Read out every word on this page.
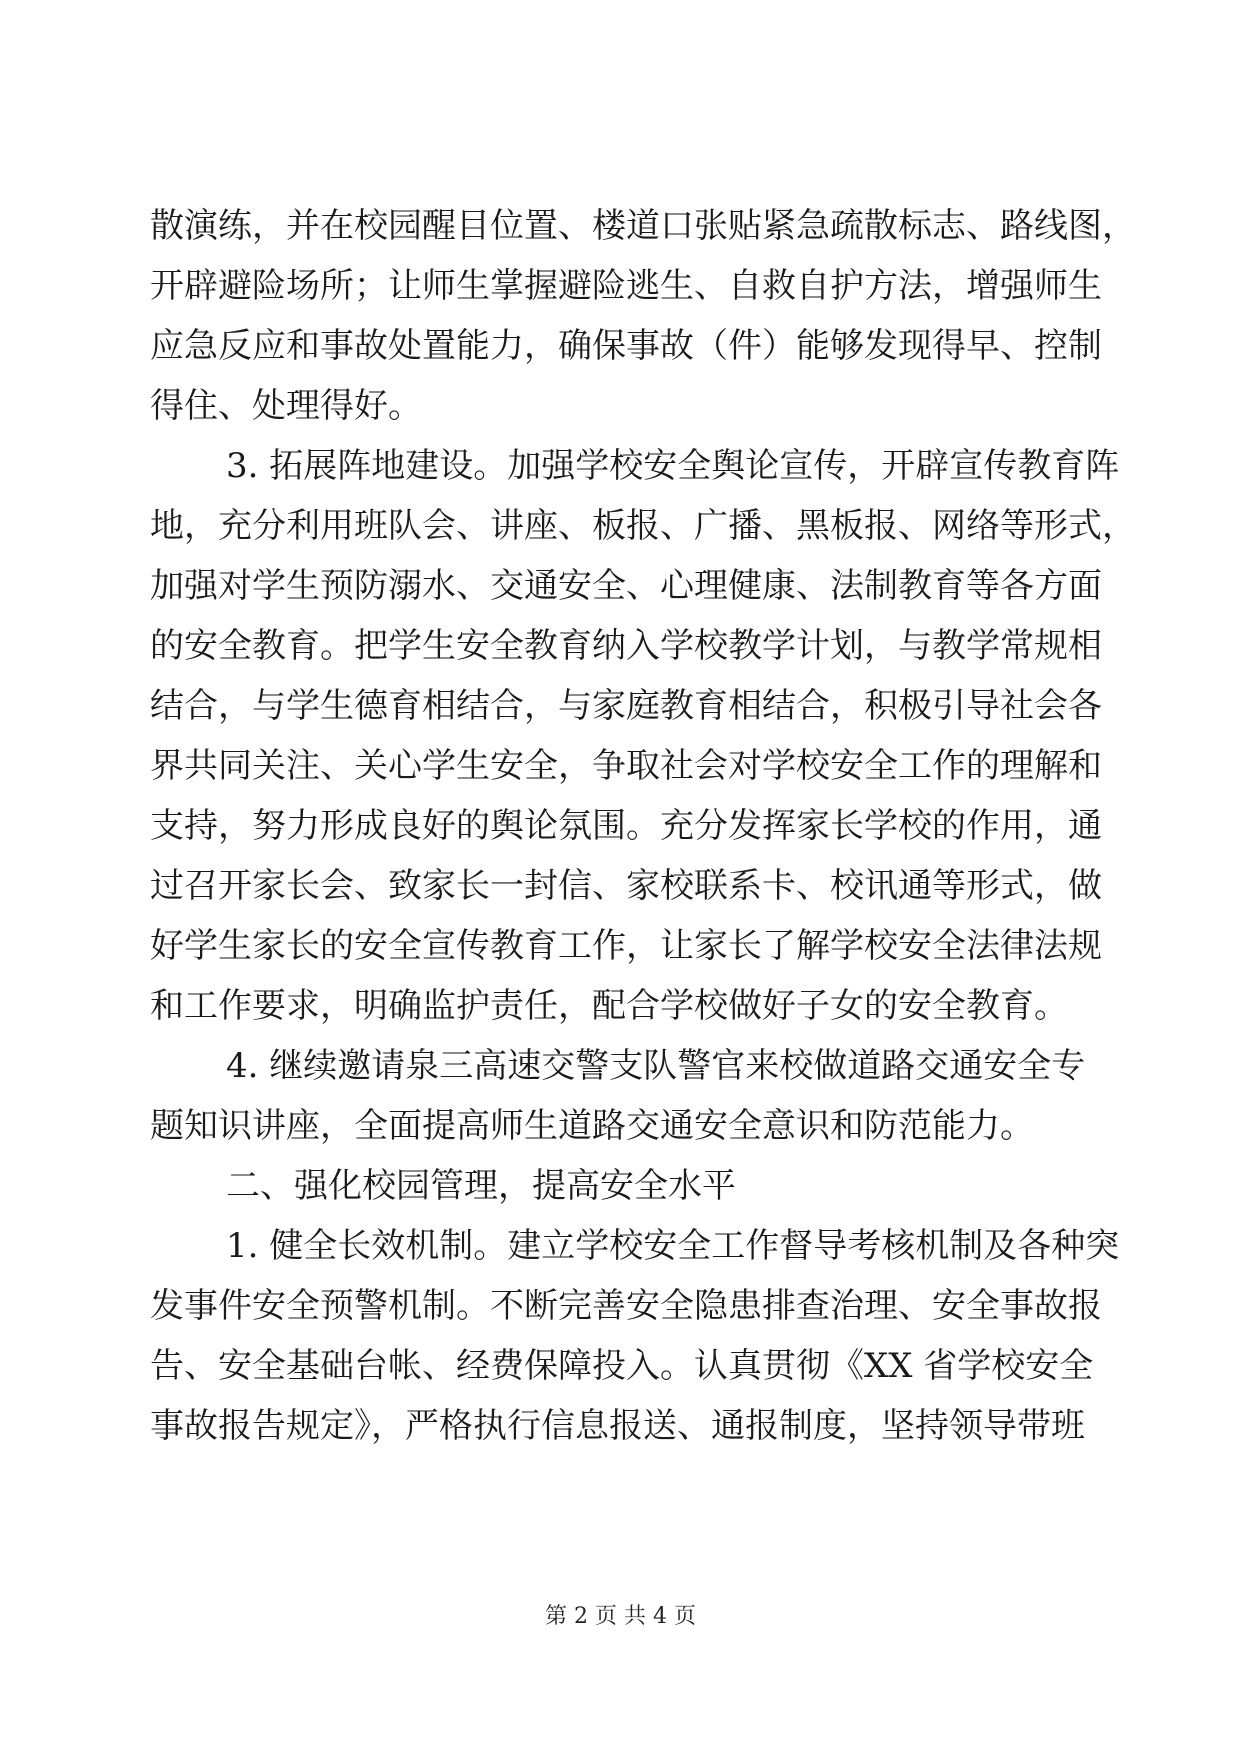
散演练，并在校园醒目位置、楼道口张贴紧急疏散标志、路线图，
开辟避险场所；让师生掌握避险逃生、自救自护方法，增强师生
应急反应和事故处置能力，确保事故（件）能够发现得早、控制
得住、处理得好。
3. 拓展阵地建设。加强学校安全舆论宣传，开辟宣传教育阵
地，充分利用班队会、讲座、板报、广播、黑板报、网络等形式，
加强对学生预防溺水、交通安全、心理健康、法制教育等各方面
的安全教育。把学生安全教育纳入学校教学计划，与教学常规相
结合，与学生德育相结合，与家庭教育相结合，积极引导社会各
界共同关注、关心学生安全，争取社会对学校安全工作的理解和
支持，努力形成良好的舆论氛围。充分发挥家长学校的作用，通
过召开家长会、致家长一封信、家校联系卡、校讯通等形式，做
好学生家长的安全宣传教育工作，让家长了解学校安全法律法规
和工作要求，明确监护责任，配合学校做好子女的安全教育。
4. 继续邀请泉三高速交警支队警官来校做道路交通安全专
题知识讲座，全面提高师生道路交通安全意识和防范能力。
二、强化校园管理，提高安全水平
1. 健全长效机制。建立学校安全工作督导考核机制及各种突
发事件安全预警机制。不断完善安全隐患排查治理、安全事故报
告、安全基础台帐、经费保障投入。认真贯彻《XX 省学校安全
事故报告规定》，严格执行信息报送、通报制度，坚持领导带班
第 2 页 共 4 页
